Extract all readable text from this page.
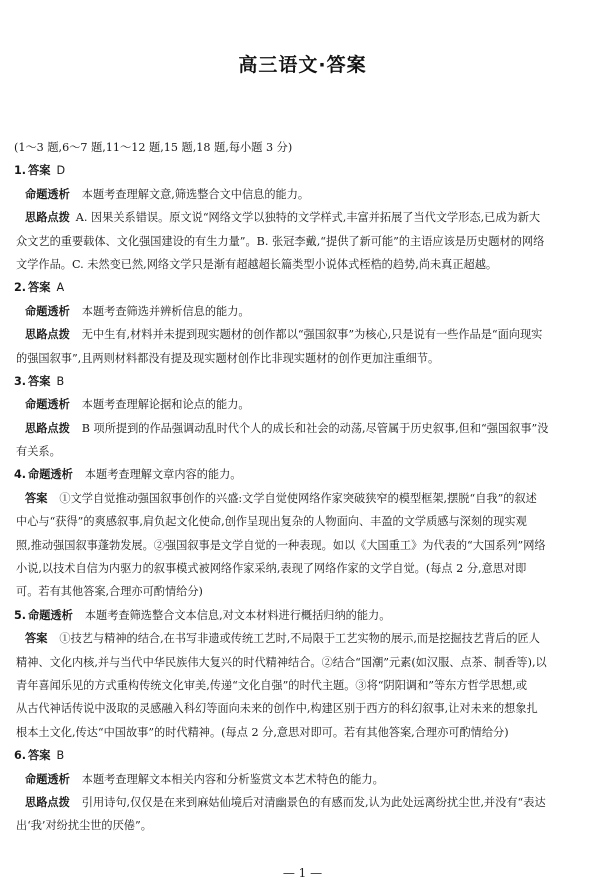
高三语文·答案
(1～3 题,6～7 题,11～12 题,15 题,18 题,每小题 3 分)
1. 答案 D
命题透析 本题考查理解文意,筛选整合文中信息的能力。
思路点拨 A. 因果关系错误。原文说“网络文学以独特的文学样式,丰富并拓展了当代文学形态,已成为新大
众文艺的重要载体、文化强国建设的有生力量”。B. 张冠李戴,“提供了新可能”的主语应该是历史题材的网络
文学作品。C. 未然变已然,网络文学只是渐有超越超长篇类型小说体式桎梏的趋势,尚未真正超越。
2. 答案 A
命题透析 本题考查筛选并辨析信息的能力。
思路点拨 无中生有,材料并未提到现实题材的创作都以“强国叙事”为核心,只是说有一些作品是“面向现实
的强国叙事”,且两则材料都没有提及现实题材创作比非现实题材的创作更加注重细节。
3. 答案 B
命题透析 本题考查理解论据和论点的能力。
思路点拨 B 项所提到的作品强调动乱时代个人的成长和社会的动荡,尽管属于历史叙事,但和“强国叙事”没
有关系。
4. 命题透析 本题考查理解文章内容的能力。
答案 ①文学自觉推动强国叙事创作的兴盛:文学自觉使网络作家突破狭窄的模型框架,摆脱“自我”的叙述
中心与“获得”的爽感叙事,肩负起文化使命,创作呈现出复杂的人物面向、丰盈的文学质感与深刻的现实观
照,推动强国叙事蓬勃发展。②强国叙事是文学自觉的一种表现。如以《大国重工》为代表的“大国系列”网络
小说,以技术自信为内驱力的叙事模式被网络作家采纳,表现了网络作家的文学自觉。(每点 2 分,意思对即
可。若有其他答案,合理亦可酌情给分)
5. 命题透析 本题考查筛选整合文本信息,对文本材料进行概括归纳的能力。
答案 ①技艺与精神的结合,在书写非遗或传统工艺时,不局限于工艺实物的展示,而是挖掘技艺背后的匠人
精神、文化内核,并与当代中华民族伟大复兴的时代精神结合。②结合“国潮”元素(如汉服、点茶、制香等),以
青年喜闻乐见的方式重构传统文化审美,传递“文化自强”的时代主题。③将“阴阳调和”等东方哲学思想,或
从古代神话传说中汲取的灵感融入科幻等面向未来的创作中,构建区别于西方的科幻叙事,让对未来的想象扎
根本土文化,传达“中国故事”的时代精神。(每点 2 分,意思对即可。若有其他答案,合理亦可酌情给分)
6. 答案 B
命题透析 本题考查理解文本相关内容和分析鉴赏文本艺术特色的能力。
思路点拨 引用诗句,仅仅是在来到麻姑仙境后对清幽景色的有感而发,认为此处远离纷扰尘世,并没有“表达
出‘我’对纷扰尘世的厌倦”。
— 1 —
